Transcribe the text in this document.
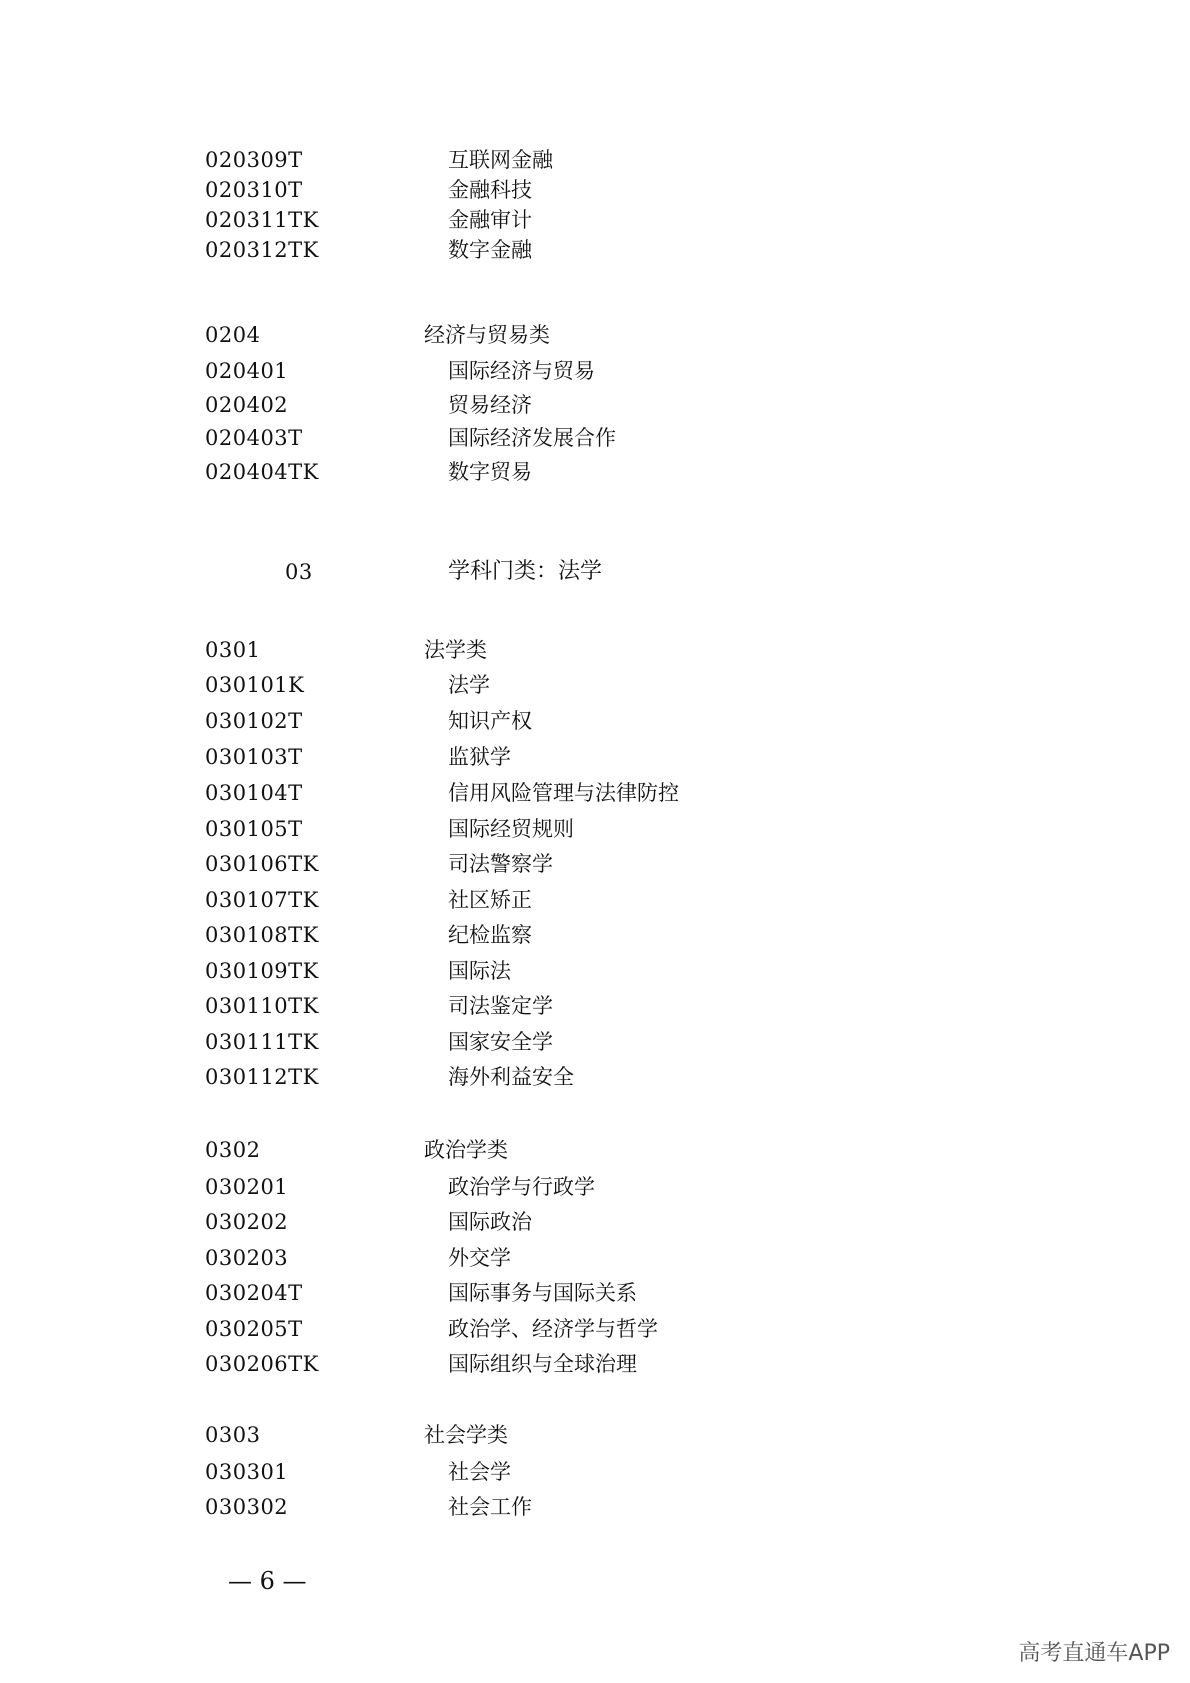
020309T	互联网金融
020310T	金融科技
020311TK	金融审计
020312TK	数字金融
0204	经济与贸易类
020401	国际经济与贸易
020402	贸易经济
020403T	国际经济发展合作
020404TK	数字贸易
03	学科门类：法学
0301	法学类
030101K	法学
030102T	知识产权
030103T	监狱学
030104T	信用风险管理与法律防控
030105T	国际经贸规则
030106TK	司法警察学
030107TK	社区矫正
030108TK	纪检监察
030109TK	国际法
030110TK	司法鉴定学
030111TK	国家安全学
030112TK	海外利益安全
0302	政治学类
030201	政治学与行政学
030202	国际政治
030203	外交学
030204T	国际事务与国际关系
030205T	政治学、经济学与哲学
030206TK	国际组织与全球治理
0303	社会学类
030301	社会学
030302	社会工作
— 6 —
高考直通车APP
